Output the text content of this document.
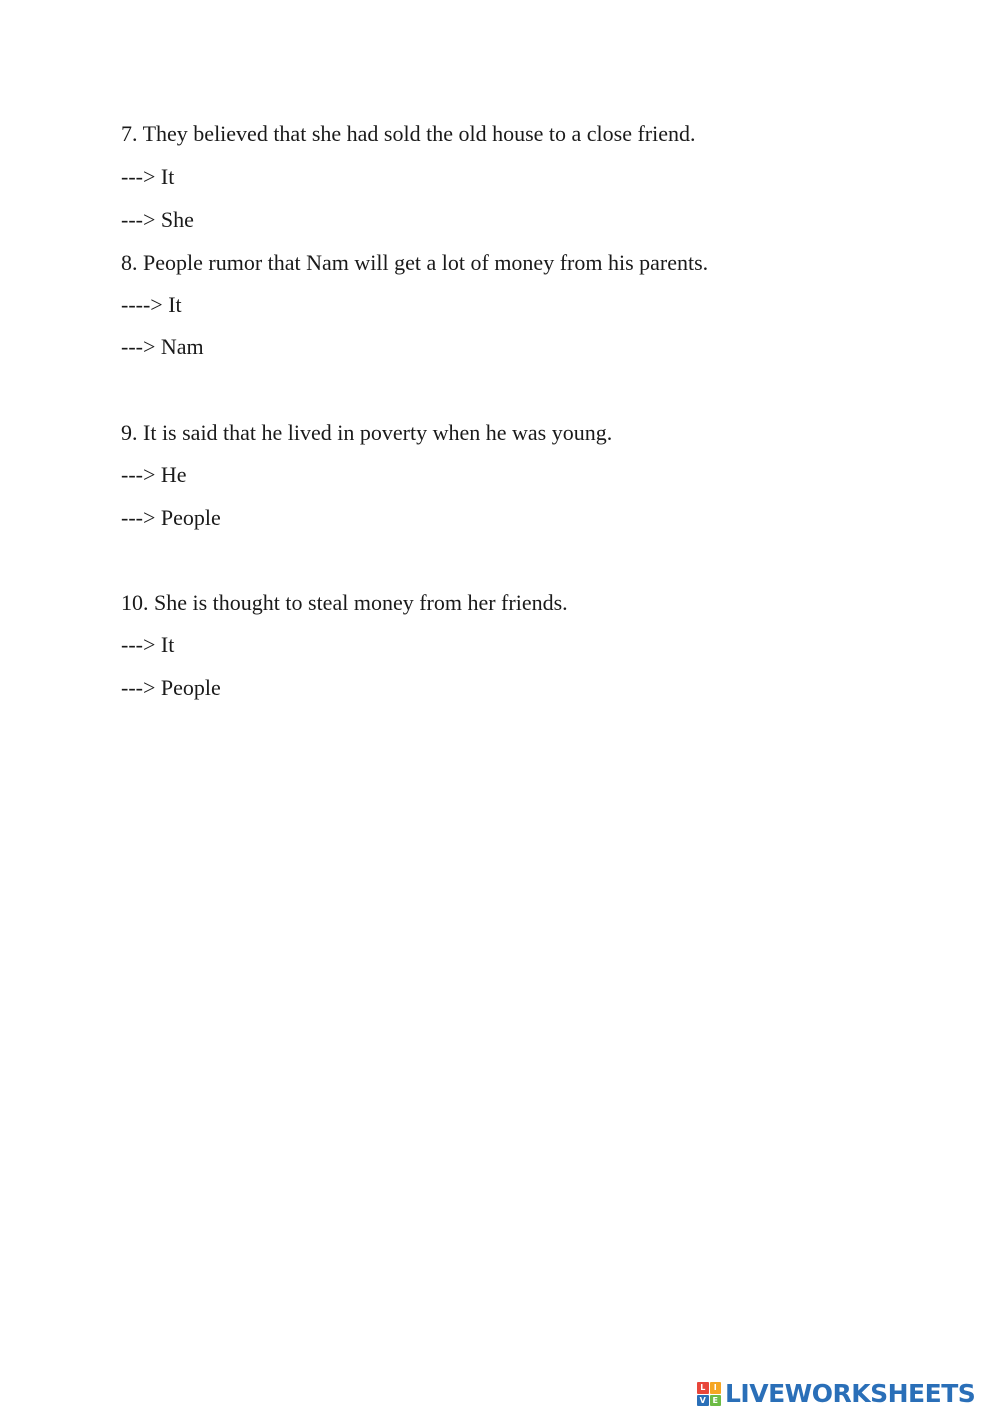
7. They believed that she had sold the old house to a close friend.
---> It
---> She
8. People rumor that Nam will get a lot of money from his parents.
----> It
---> Nam
9. It is said that he lived in poverty when he was young.
---> He
---> People
10. She is thought to steal money from her friends.
---> It
---> People
L	I
V E LIVEWORKSHEETS
